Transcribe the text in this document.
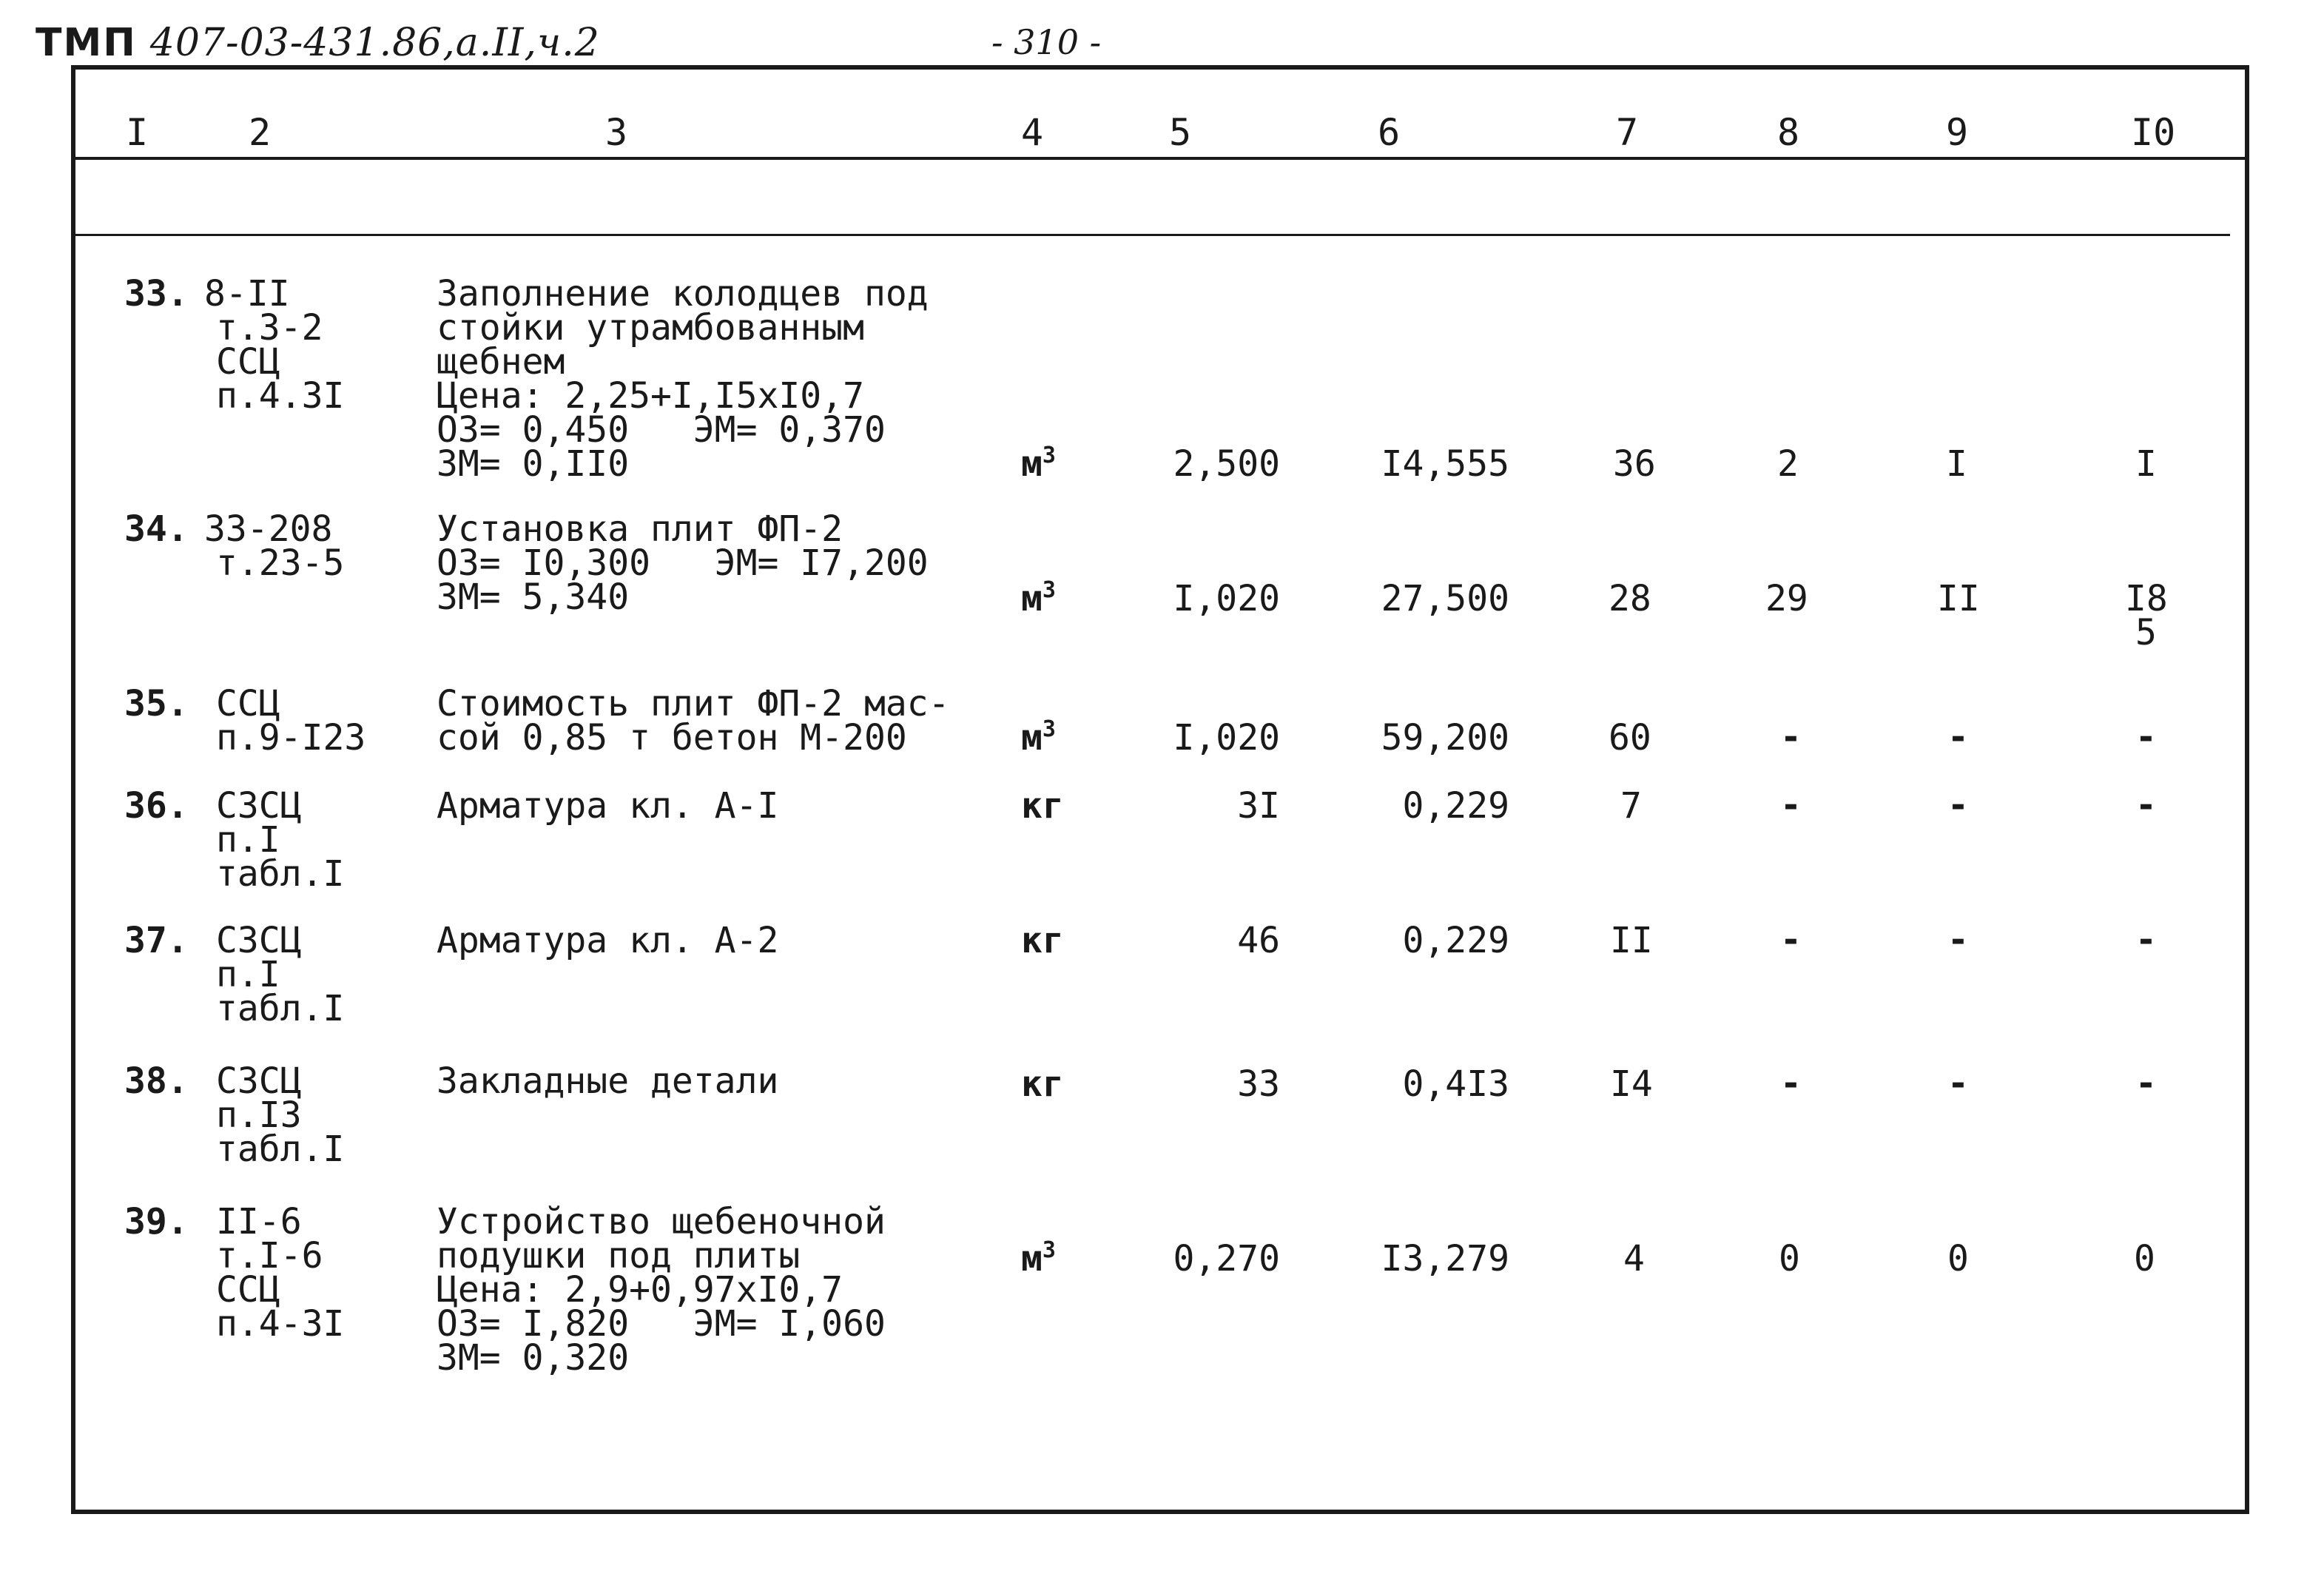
ТМП 407-03-431.86,а.II,ч.2	- 310 -
I	2	3	4	5	6	7	8	9	I0
33. 8-II
т.3-2
ССЦ
п.4.3I
Заполнение колодцев под
стойки утрамбованным
щебнем
Цена: 2,25+I,I5xI0,7
ОЗ= 0,450   ЭМ= 0,370
ЗМ= 0,II0	$м^3$	2,500	I4,555	36	2	I	I
34. 33-208
т.23-5
Установка плит ФП-2
ОЗ= I0,300   ЭМ= I7,200
ЗМ= 5,340	$м^3$	I,020	27,500	28	29	II	I8
5
35. ССЦ
п.9-I23
Стоимость плит ФП-2 мас-
сой 0,85 т бетон М-200	$м^3$	I,020	59,200	60	-	-	-
36. СЗСЦ
п.I
табл.I
Арматура кл. А-I	кг	3I	0,229	7	-	-	-
37. СЗСЦ
п.I
табл.I
Арматура кл. А-2	кг	46	0,229	II	-	-	-
38. СЗСЦ
п.I3
табл.I
Закладные детали	кг	33	0,4I3	I4	-	-	-
39. II-6
т.I-6
ССЦ
п.4-3I
Устройство щебеночной
подушки под плиты
Цена: 2,9+0,97xI0,7
ОЗ= I,820   ЭМ= I,060
ЗМ= 0,320
$м^3$	0,270	I3,279	4	0	0	0
